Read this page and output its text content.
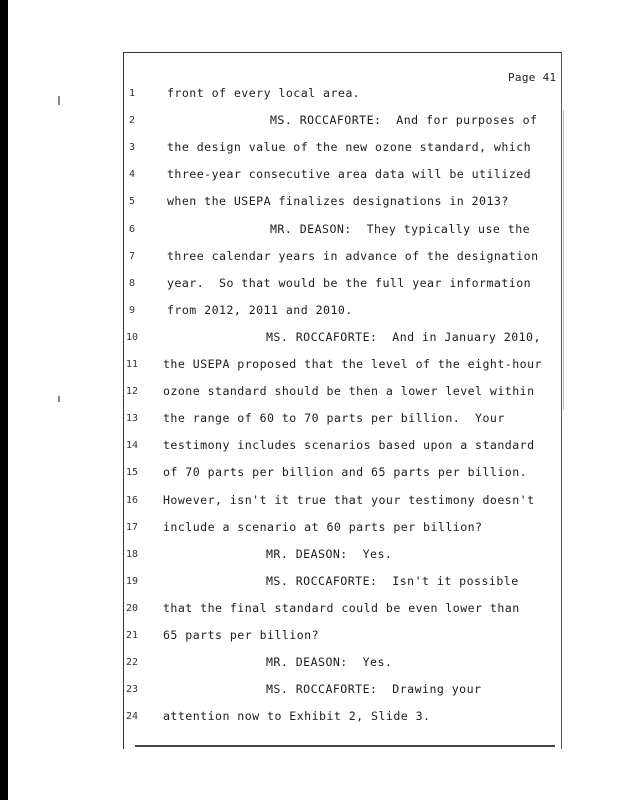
Page 41
1	front of every local area.
2	MS. ROCCAFORTE:  And for purposes of
3	the design value of the new ozone standard, which
4	three-year consecutive area data will be utilized
5	when the USEPA finalizes designations in 2013?
6	MR. DEASON:  They typically use the
7	three calendar years in advance of the designation
8	year.  So that would be the full year information
9	from 2012, 2011 and 2010.
10	MS. ROCCAFORTE:  And in January 2010,
11	the USEPA proposed that the level of the eight-hour
12	ozone standard should be then a lower level within
13	the range of 60 to 70 parts per billion.  Your
14	testimony includes scenarios based upon a standard
15	of 70 parts per billion and 65 parts per billion.
16	However, isn't it true that your testimony doesn't
17	include a scenario at 60 parts per billion?
18	MR. DEASON:  Yes.
19	MS. ROCCAFORTE:  Isn't it possible
20	that the final standard could be even lower than
21	65 parts per billion?
22	MR. DEASON:  Yes.
23	MS. ROCCAFORTE:  Drawing your
24	attention now to Exhibit 2, Slide 3.
